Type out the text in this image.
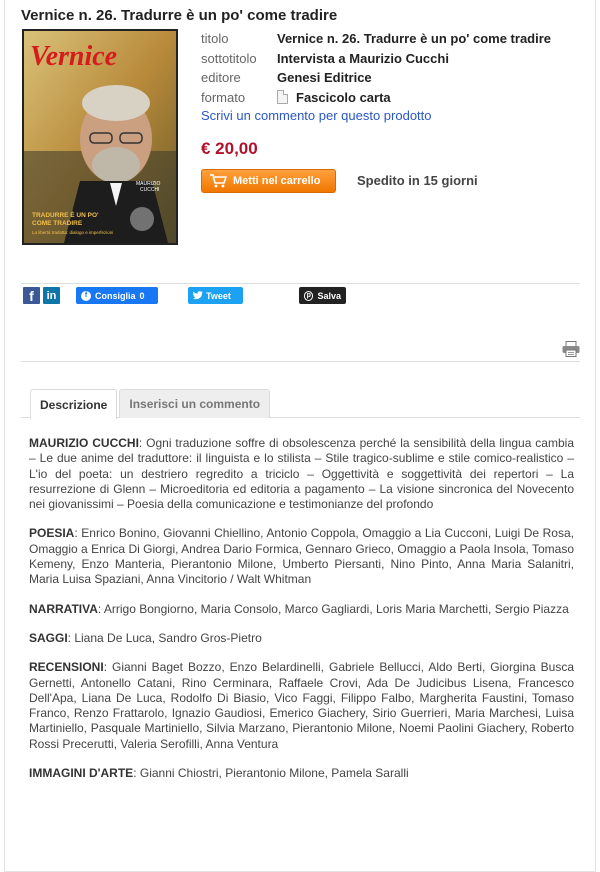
Vernice n. 26. Tradurre è un po' come tradire
Vernice
MAURIZIO
CUCCHI
TRADURRE È UN PO'
COME TRADIRE
La libertà tradotta: dialogo e imperfezioni
titolo	Vernice n. 26. Tradurre è un po' come tradire
sottotitolo	Intervista a Maurizio Cucchi
editore	Genesi Editrice
formato	Fascicolo carta
Scrivi un commento per questo prodotto
€ 20,00
Metti nel carrello	Spedito in 15 giorni
f	in	f Consiglia 0	Tweet	p Salva
Descrizione	Inserisci un commento

MAURIZIO CUCCHI: Ogni traduzione soffre di obsolescenza perché la sensibilità della lingua cambia – Le due anime del traduttore: il linguista e lo stilista – Stile tragico-sublime e stile comico-realistico – L'io del poeta: un destriero regredito a triciclo – Oggettività e soggettività dei repertori – La resurrezione di Glenn – Microeditoria ed editoria a pagamento – La visione sincronica del Novecento nei giovanissimi – Poesia della comunicazione e testimonianze del profondo

POESIA: Enrico Bonino, Giovanni Chiellino, Antonio Coppola, Omaggio a Lia Cucconi, Luigi De Rosa, Omaggio a Enrica Di Giorgi, Andrea Dario Formica, Gennaro Grieco, Omaggio a Paola Insola, Tomaso Kemeny, Enzo Manteria, Pierantonio Milone, Umberto Piersanti, Nino Pinto, Anna Maria Salanitri, Maria Luisa Spaziani, Anna Vincitorio / Walt Whitman

NARRATIVA: Arrigo Bongiorno, Maria Consolo, Marco Gagliardi, Loris Maria Marchetti, Sergio Piazza

SAGGI: Liana De Luca, Sandro Gros-Pietro

RECENSIONI: Gianni Baget Bozzo, Enzo Belardinelli, Gabriele Bellucci, Aldo Berti, Giorgina Busca Gernetti, Antonello Catani, Rino Cerminara, Raffaele Crovi, Ada De Judicibus Lisena, Francesco Dell'Apa, Liana De Luca, Rodolfo Di Biasio, Vico Faggi, Filippo Falbo, Margherita Faustini, Tomaso Franco, Renzo Frattarolo, Ignazio Gaudiosi, Emerico Giachery, Sirio Guerrieri, Maria Marchesi, Luisa Martiniello, Pasquale Martiniello, Silvia Marzano, Pierantonio Milone, Noemi Paolini Giachery, Roberto Rossi Precerutti, Valeria Serofilli, Anna Ventura

IMMAGINI D'ARTE: Gianni Chiostri, Pierantonio Milone, Pamela Saralli
